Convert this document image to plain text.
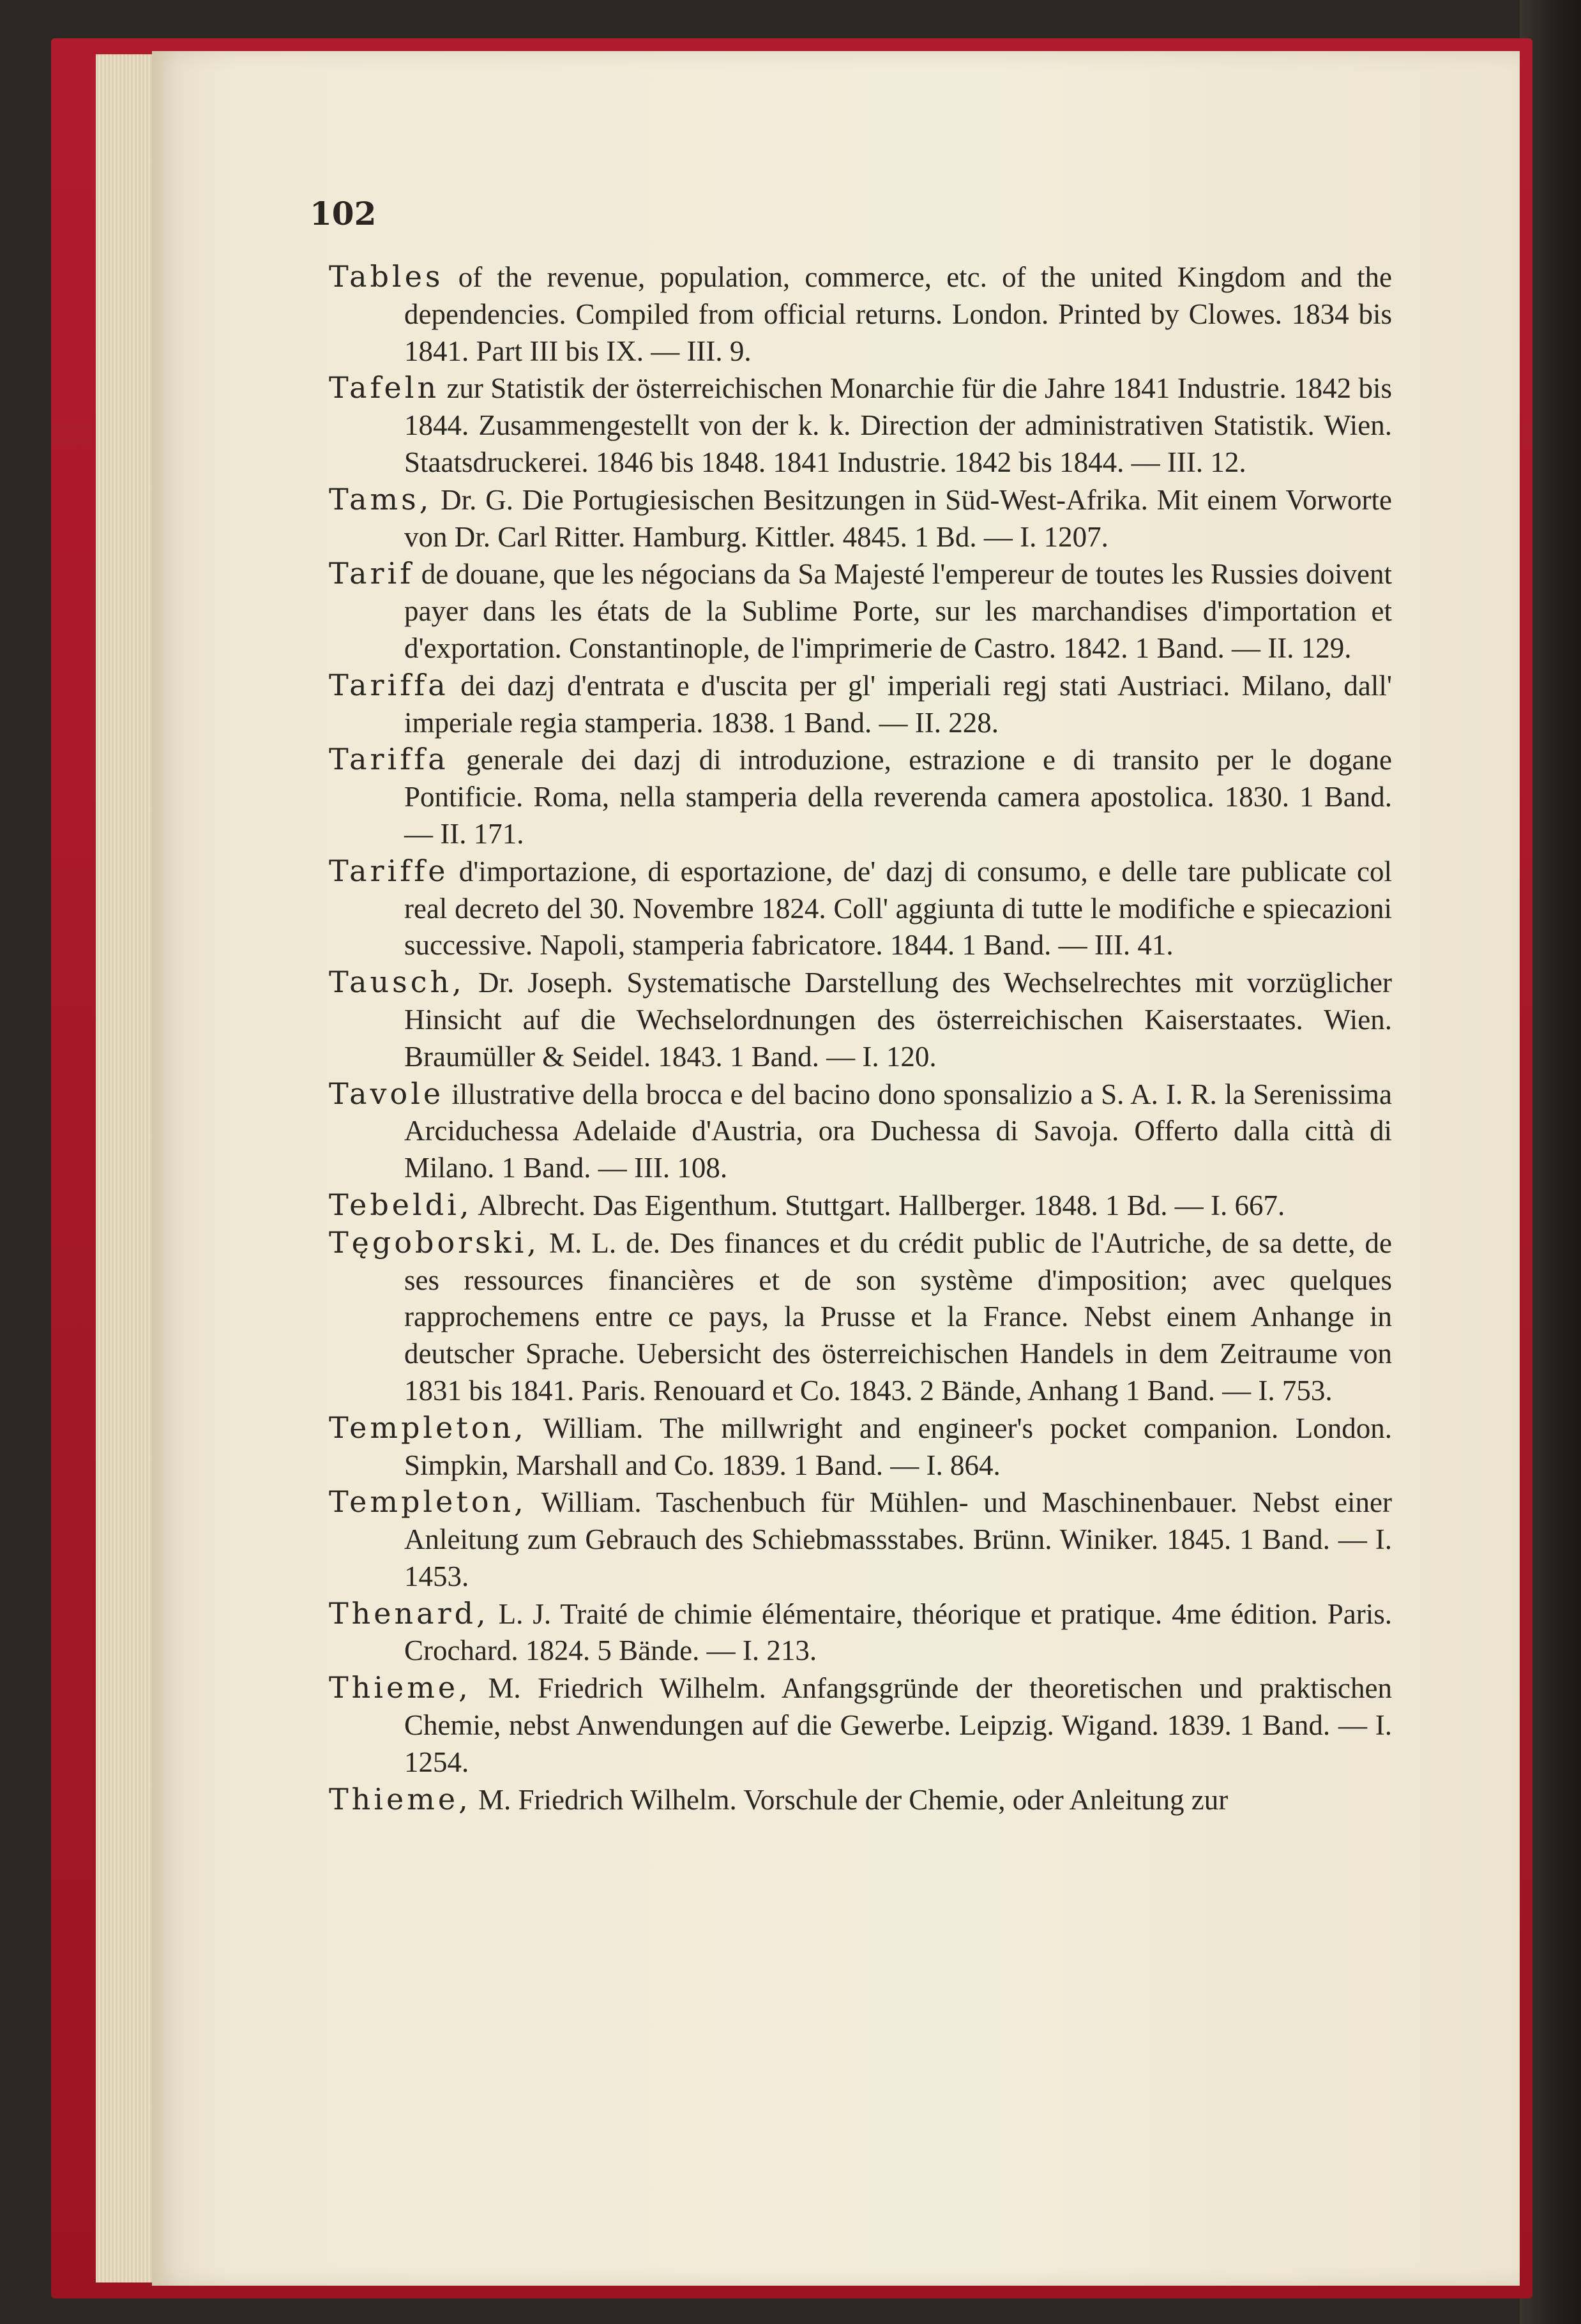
102
Tables of the revenue, population, commerce, etc. of the united Kingdom and the dependencies. Compiled from official returns. London. Printed by Clowes. 1834 bis 1841. Part III bis IX. — III. 9.
Tafeln zur Statistik der österreichischen Monarchie für die Jahre 1841 Industrie. 1842 bis 1844. Zusammengestellt von der k. k. Direction der administrativen Statistik. Wien. Staatsdruckerei. 1846 bis 1848. 1841 Industrie. 1842 bis 1844. — III. 12.
Tams, Dr. G. Die Portugiesischen Besitzungen in Süd-West-Afrika. Mit einem Vorworte von Dr. Carl Ritter. Hamburg. Kittler. 4845. 1 Bd. — I. 1207.
Tarif de douane, que les négocians da Sa Majesté l'empereur de toutes les Russies doivent payer dans les états de la Sublime Porte, sur les marchandises d'importation et d'exportation. Constantinople, de l'imprimerie de Castro. 1842. 1 Band. — II. 129.
Tariffa dei dazj d'entrata e d'uscita per gl' imperiali regj stati Austriaci. Milano, dall' imperiale regia stamperia. 1838. 1 Band. — II. 228.
Tariffa generale dei dazj di introduzione, estrazione e di transito per le dogane Pontificie. Roma, nella stamperia della reverenda camera apostolica. 1830. 1 Band. — II. 171.
Tariffe d'importazione, di esportazione, de' dazj di consumo, e delle tare publicate col real decreto del 30. Novembre 1824. Coll' aggiunta di tutte le modifiche e spiecazioni successive. Napoli, stamperia fabricatore. 1844. 1 Band. — III. 41.
Tausch, Dr. Joseph. Systematische Darstellung des Wechselrechtes mit vorzüglicher Hinsicht auf die Wechselordnungen des österreichischen Kaiserstaates. Wien. Braumüller & Seidel. 1843. 1 Band. — I. 120.
Tavole illustrative della brocca e del bacino dono sponsalizio a S. A. I. R. la Serenissima Arciduchessa Adelaide d'Austria, ora Duchessa di Savoja. Offerto dalla città di Milano. 1 Band. — III. 108.
Tebeldi, Albrecht. Das Eigenthum. Stuttgart. Hallberger. 1848. 1 Bd. — I. 667.
Tęgoborski, M. L. de. Des finances et du crédit public de l'Autriche, de sa dette, de ses ressources financières et de son système d'imposition; avec quelques rapprochemens entre ce pays, la Prusse et la France. Nebst einem Anhange in deutscher Sprache. Uebersicht des österreichischen Handels in dem Zeitraume von 1831 bis 1841. Paris. Renouard et Co. 1843. 2 Bände, Anhang 1 Band. — I. 753.
Templeton, William. The millwright and engineer's pocket companion. London. Simpkin, Marshall and Co. 1839. 1 Band. — I. 864.
Templeton, William. Taschenbuch für Mühlen- und Maschinenbauer. Nebst einer Anleitung zum Gebrauch des Schiebmassstabes. Brünn. Winiker. 1845. 1 Band. — I. 1453.
Thenard, L. J. Traité de chimie élémentaire, théorique et pratique. 4me édition. Paris. Crochard. 1824. 5 Bände. — I. 213.
Thieme, M. Friedrich Wilhelm. Anfangsgründe der theoretischen und praktischen Chemie, nebst Anwendungen auf die Gewerbe. Leipzig. Wigand. 1839. 1 Band. — I. 1254.
Thieme, M. Friedrich Wilhelm. Vorschule der Chemie, oder Anleitung zur
